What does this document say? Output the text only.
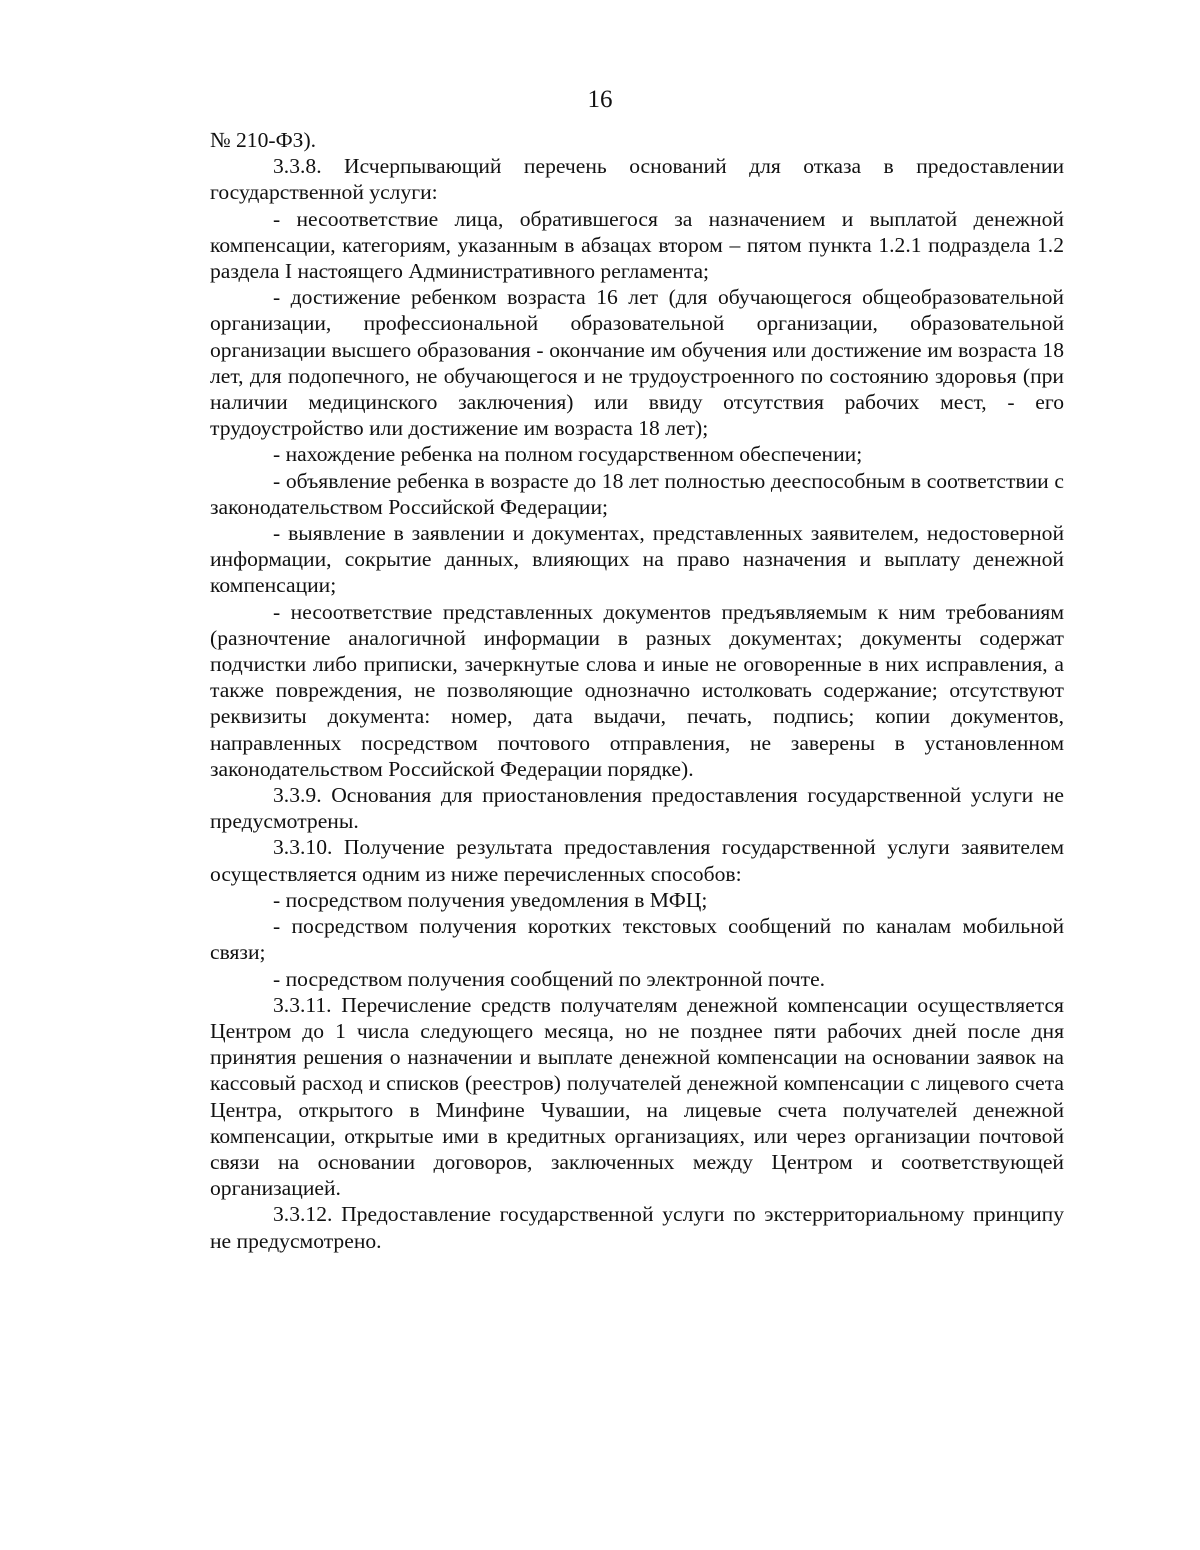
16

№ 210-ФЗ).

3.3.8. Исчерпывающий перечень оснований для отказа в предоставлении государственной услуги:

- несоответствие лица, обратившегося за назначением и выплатой денежной компенсации, категориям, указанным в абзацах втором – пятом пункта 1.2.1 подраздела 1.2 раздела I настоящего Административного регламента;

- достижение ребенком возраста 16 лет (для обучающегося общеобразовательной организации, профессиональной образовательной организации, образовательной организации высшего образования - окончание им обучения или достижение им возраста 18 лет, для подопечного, не обучающегося и не трудоустроенного по состоянию здоровья (при наличии медицинского заключения) или ввиду отсутствия рабочих мест, - его трудоустройство или достижение им возраста 18 лет);

- нахождение ребенка на полном государственном обеспечении;

- объявление ребенка в возрасте до 18 лет полностью дееспособным в соответствии с законодательством Российской Федерации;

- выявление в заявлении и документах, представленных заявителем, недостоверной информации, сокрытие данных, влияющих на право назначения и выплату денежной компенсации;

- несоответствие представленных документов предъявляемым к ним требованиям (разночтение аналогичной информации в разных документах; документы содержат подчистки либо приписки, зачеркнутые слова и иные не оговоренные в них исправления, а также повреждения, не позволяющие однозначно истолковать содержание; отсутствуют реквизиты документа: номер, дата выдачи, печать, подпись; копии документов, направленных посредством почтового отправления, не заверены в установленном законодательством Российской Федерации порядке).

3.3.9. Основания для приостановления предоставления государственной услуги не предусмотрены.

3.3.10. Получение результата предоставления государственной услуги заявителем осуществляется одним из ниже перечисленных способов:

- посредством получения уведомления в МФЦ;

- посредством получения коротких текстовых сообщений по каналам мобильной связи;

- посредством получения сообщений по электронной почте.

3.3.11. Перечисление средств получателям денежной компенсации осуществляется Центром до 1 числа следующего месяца, но не позднее пяти рабочих дней после дня принятия решения о назначении и выплате денежной компенсации на основании заявок на кассовый расход и списков (реестров) получателей денежной компенсации с лицевого счета Центра, открытого в Минфине Чувашии, на лицевые счета получателей денежной компенсации, открытые ими в кредитных организациях, или через организации почтовой связи на основании договоров, заключенных между Центром и соответствующей организацией.

3.3.12. Предоставление государственной услуги по экстерриториальному принципу не предусмотрено.
